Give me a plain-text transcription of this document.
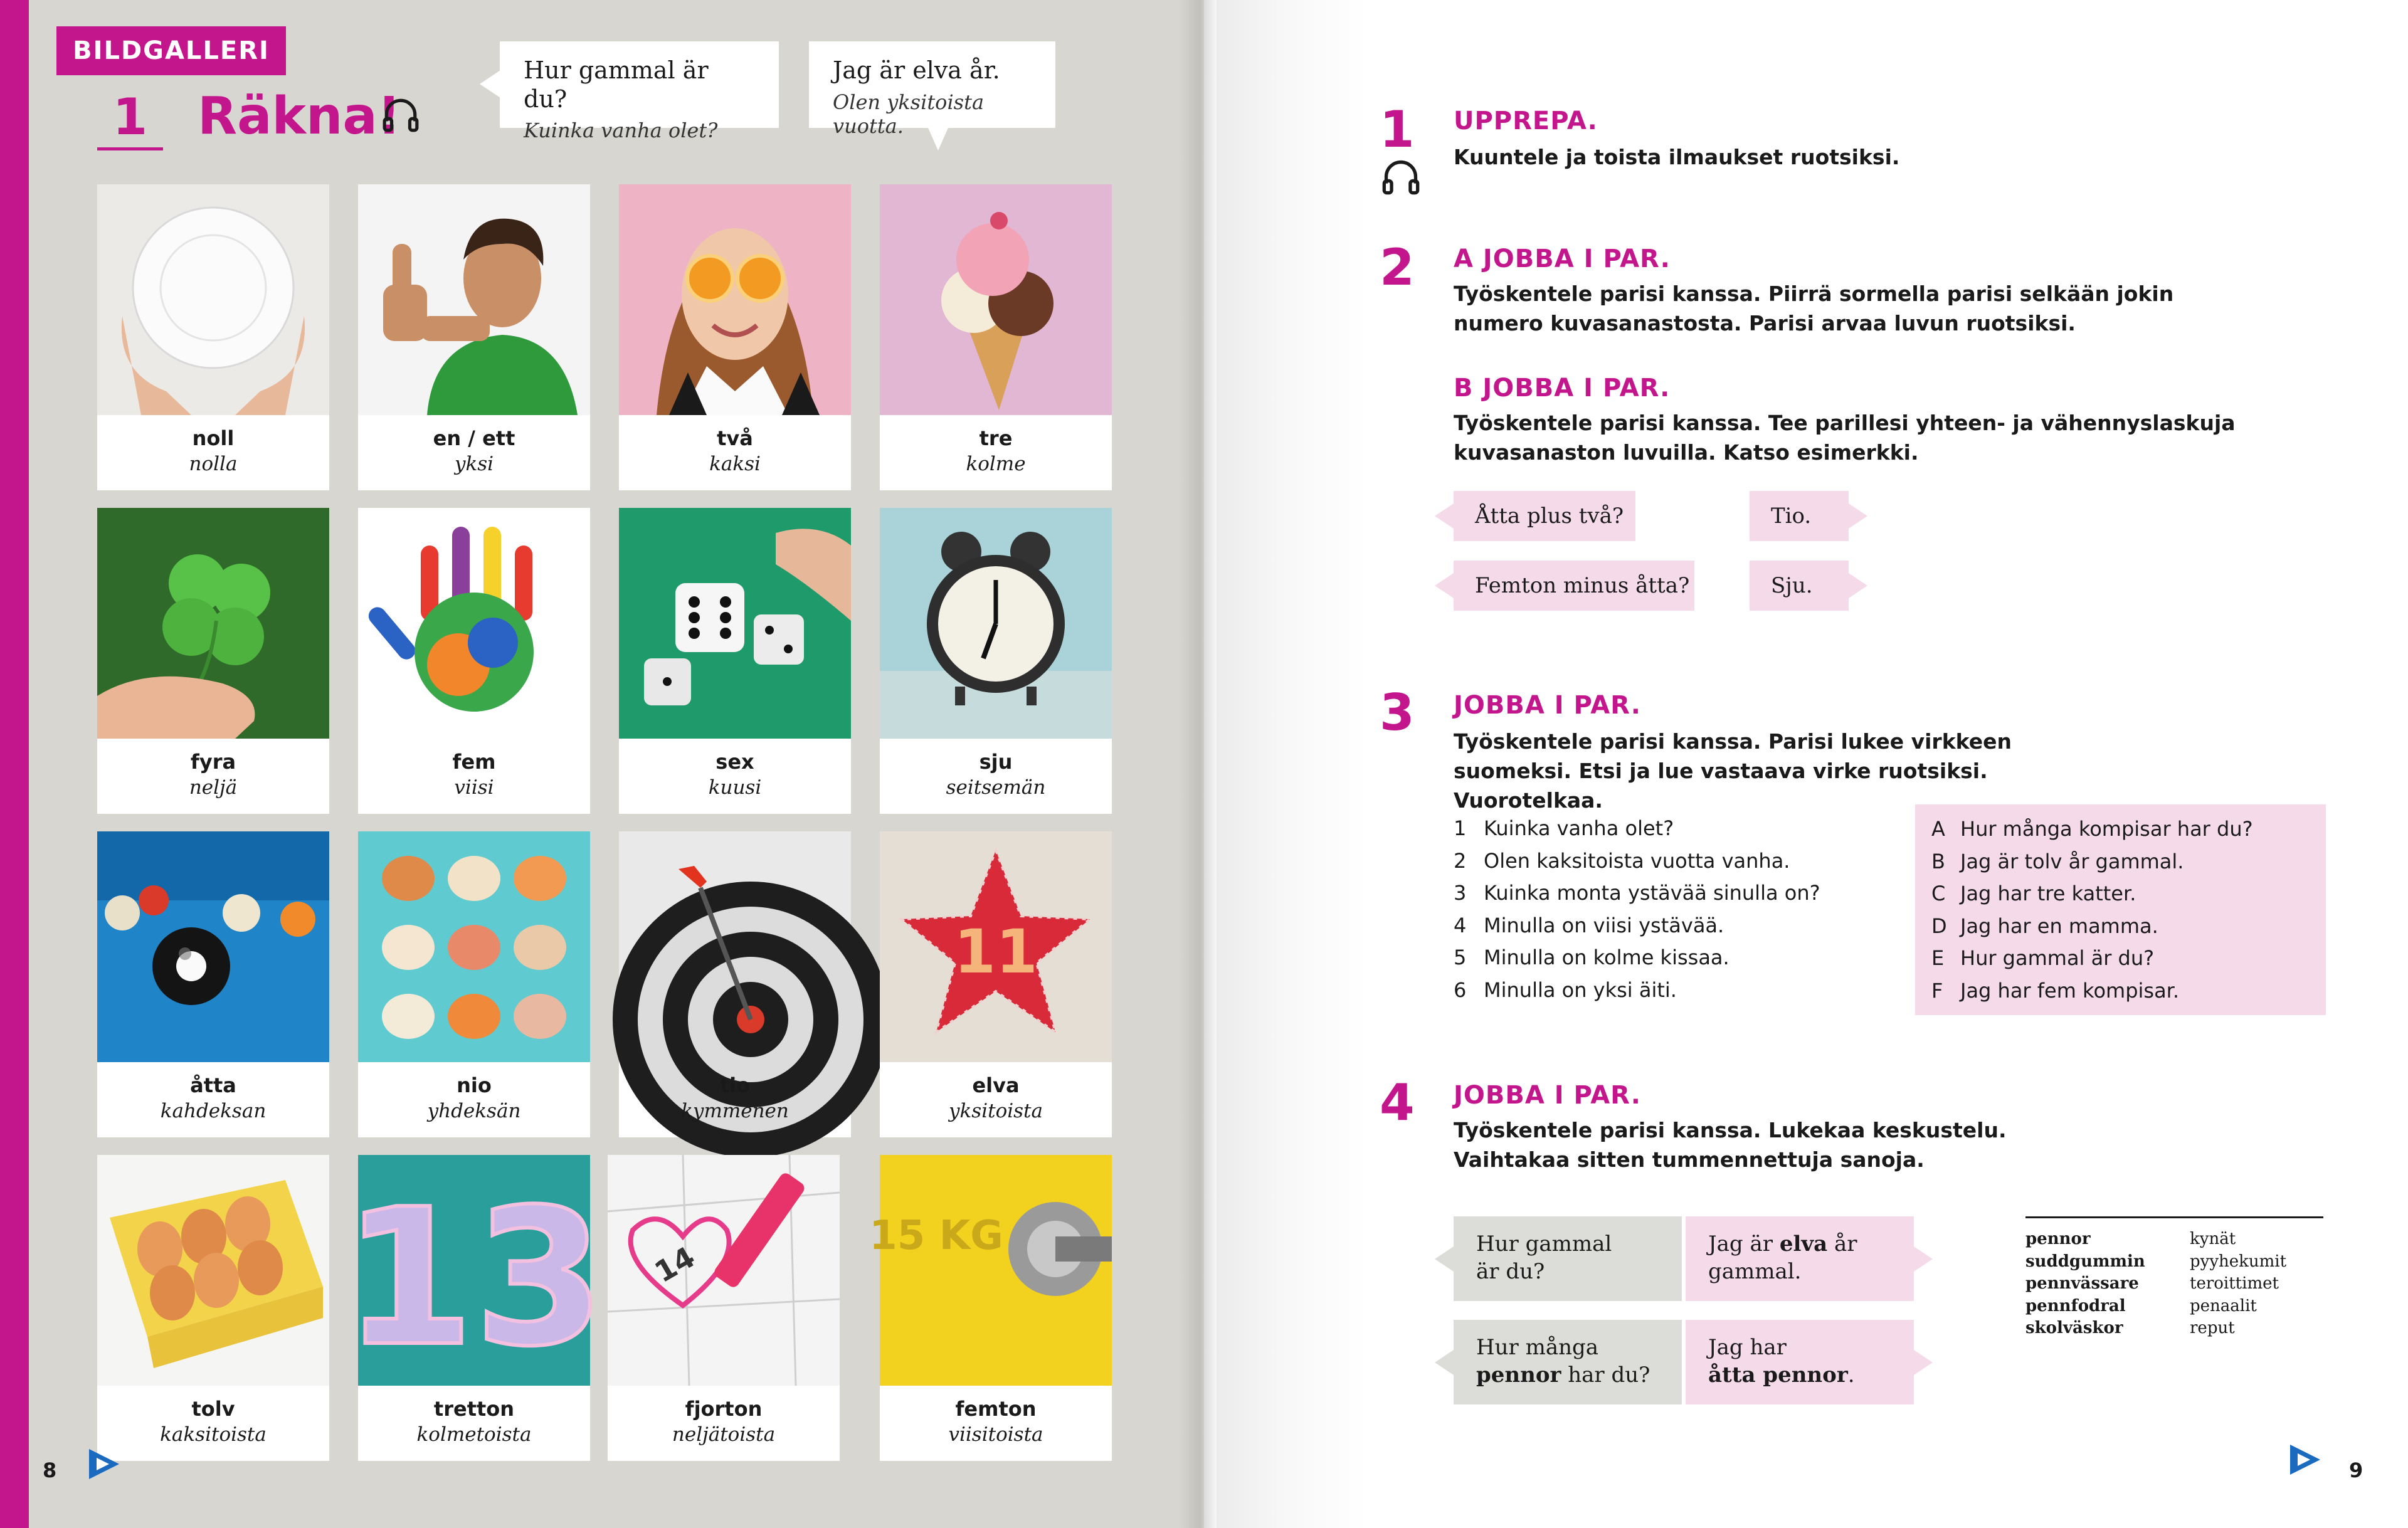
BILDGALLERI
1 Räkna!
Hur gammal är du?
Kuinka vanha olet?
Jag är elva år.
Olen yksitoista vuotta.
noll
nolla
en / ett
yksi
två
kaksi
tre
kolme
fyra
neljä
fem
viisi
sex
kuusi
sju
seitsemän
åtta
kahdeksan
nio
yhdeksän
tio
kymmenen
11
elva
yksitoista
tolv
kaksitoista
13
tretton
kolmetoista
14
fjorton
neljätoista
15 KG
femton
viisitoista
8
1	UPPREPA.
Kuuntele ja toista ilmaukset ruotsiksi.
2	A JOBBA I PAR.
Työskentele parisi kanssa. Piirrä sormella parisi selkään jokin numero kuvasanastosta. Parisi arvaa luvun ruotsiksi.
B JOBBA I PAR.
Työskentele parisi kanssa. Tee parillesi yhteen- ja vähennyslaskuja kuvasanaston luvuilla. Katso esimerkki.
Åtta plus två?	Tio.
Femton minus åtta?	Sju.
3	JOBBA I PAR.
Työskentele parisi kanssa. Parisi lukee virkkeen suomeksi. Etsi ja lue vastaava virke ruotsiksi. Vuorotelkaa.
1 Kuinka vanha olet?
2 Olen kaksitoista vuotta vanha.
3 Kuinka monta ystävää sinulla on?
4 Minulla on viisi ystävää.
5 Minulla on kolme kissaa.
6 Minulla on yksi äiti.
A Hur många kompisar har du?
B Jag är tolv år gammal.
C Jag har tre katter.
D Jag har en mamma.
E Hur gammal är du?
F Jag har fem kompisar.
4	JOBBA I PAR.
Työskentele parisi kanssa. Lukekaa keskustelu. Vaihtakaa sitten tummennettuja sanoja.
Hur gammal
är du?
Jag är elva år
gammal.
Hur många
pennor har du?
Jag har
åtta pennor.
pennor	kynät
suddgummin	pyyhekumit
pennvässare	teroittimet
pennfodral	penaalit
skolväskor	reput
9
